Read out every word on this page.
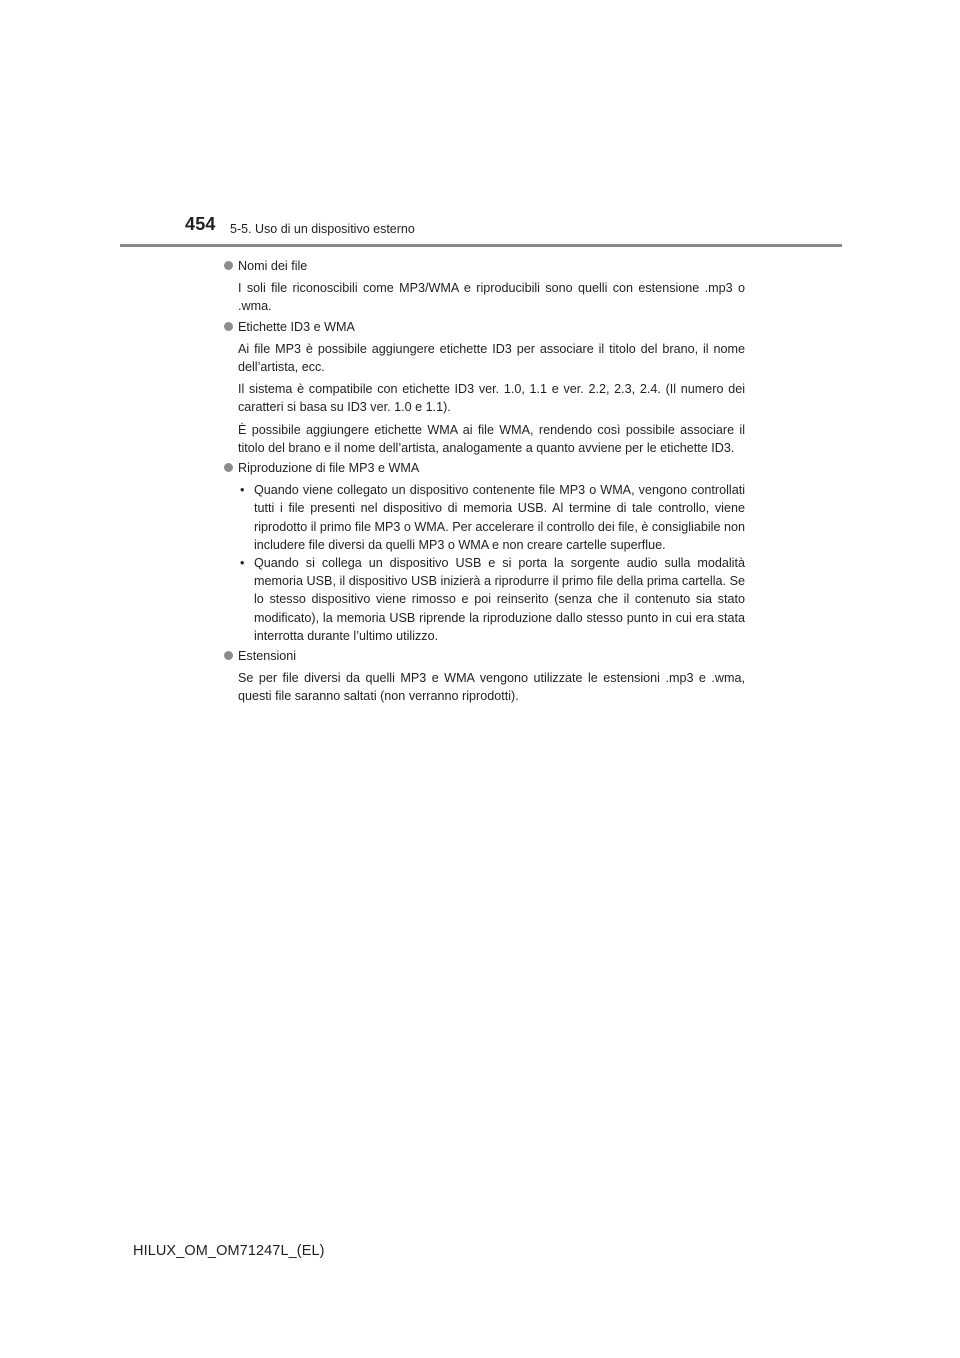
454 5-5. Uso di un dispositivo esterno
Nomi dei file

I soli file riconoscibili come MP3/WMA e riproducibili sono quelli con estensione .mp3 o .wma.

Etichette ID3 e WMA

Ai file MP3 è possibile aggiungere etichette ID3 per associare il titolo del brano, il nome dell’artista, ecc.

Il sistema è compatibile con etichette ID3 ver. 1.0, 1.1 e ver. 2.2, 2.3, 2.4. (Il numero dei caratteri si basa su ID3 ver. 1.0 e 1.1).

È possibile aggiungere etichette WMA ai file WMA, rendendo così possibile associare il titolo del brano e il nome dell’artista, analogamente a quanto avviene per le etichette ID3.

Riproduzione di file MP3 e WMA
• Quando viene collegato un dispositivo contenente file MP3 o WMA, vengono controllati tutti i file presenti nel dispositivo di memoria USB. Al termine di tale controllo, viene riprodotto il primo file MP3 o WMA. Per accelerare il controllo dei file, è consigliabile non includere file diversi da quelli MP3 o WMA e non creare cartelle superflue.
• Quando si collega un dispositivo USB e si porta la sorgente audio sulla modalità memoria USB, il dispositivo USB inizierà a riprodurre il primo file della prima cartella. Se lo stesso dispositivo viene rimosso e poi reinserito (senza che il contenuto sia stato modificato), la memoria USB riprende la riproduzione dallo stesso punto in cui era stata interrotta durante l’ultimo utilizzo.
Estensioni

Se per file diversi da quelli MP3 e WMA vengono utilizzate le estensioni .mp3 e .wma, questi file saranno saltati (non verranno riprodotti).

HILUX_OM_OM71247L_(EL)
